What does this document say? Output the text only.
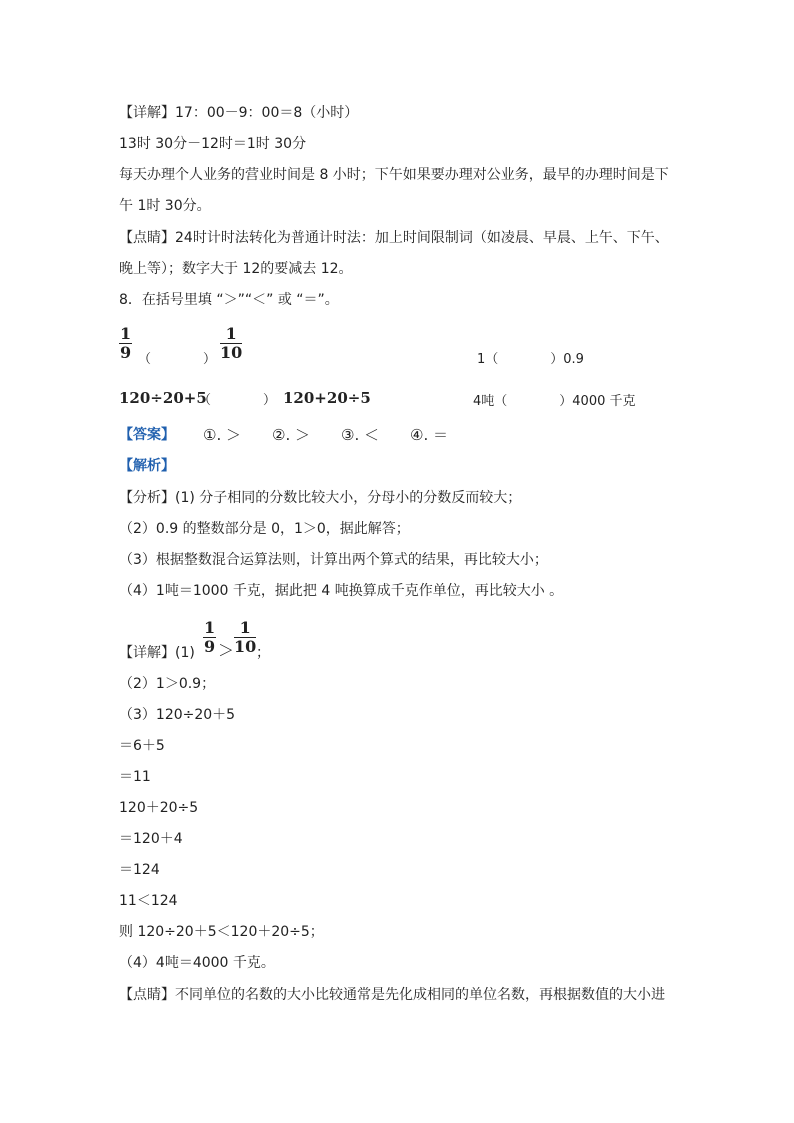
【详解】17：00－9：00＝8（小时）
13时 30分－12时＝1时 30分
每天办理个人业务的营业时间是 8 小时；下午如果要办理对公业务，最早的办理时间是下
午 1时 30分。
【点睛】24时计时法转化为普通计时法：加上时间限制词（如凌晨、早晨、上午、下午、
晚上等）；数字大于 12的要减去 12。
8．在括号里填 “＞”“＜” 或 “＝”。
$\frac{1}{9}$ （　　　　） $\frac{1}{10}$	1（　　　　）0.9
120÷20+5
（　　　　） 120+20÷5	4吨（　　　　）4000 千克
【答案】 ①. ＞ ②. ＞ ③. ＜ ④. ＝
【解析】
【分析】(1) 分子相同的分数比较大小，分母小的分数反而较大；
（2）0.9 的整数部分是 0，1＞0，据此解答；
（3）根据整数混合运算法则，计算出两个算式的结果，再比较大小；
（4）1吨＝1000 千克，据此把 4 吨换算成千克作单位，再比较大小 。
【详解】$(1) \frac{1}{9} > \frac{1}{10}$ ；
（2）1＞0.9；
（3）120÷20＋5
＝6＋5
＝11
120＋20÷5
＝120＋4
＝124
11＜124
则 120÷20＋5＜120＋20÷5；
（4）4吨＝4000 千克。
【点睛】不同单位的名数的大小比较通常是先化成相同的单位名数，再根据数值的大小进
